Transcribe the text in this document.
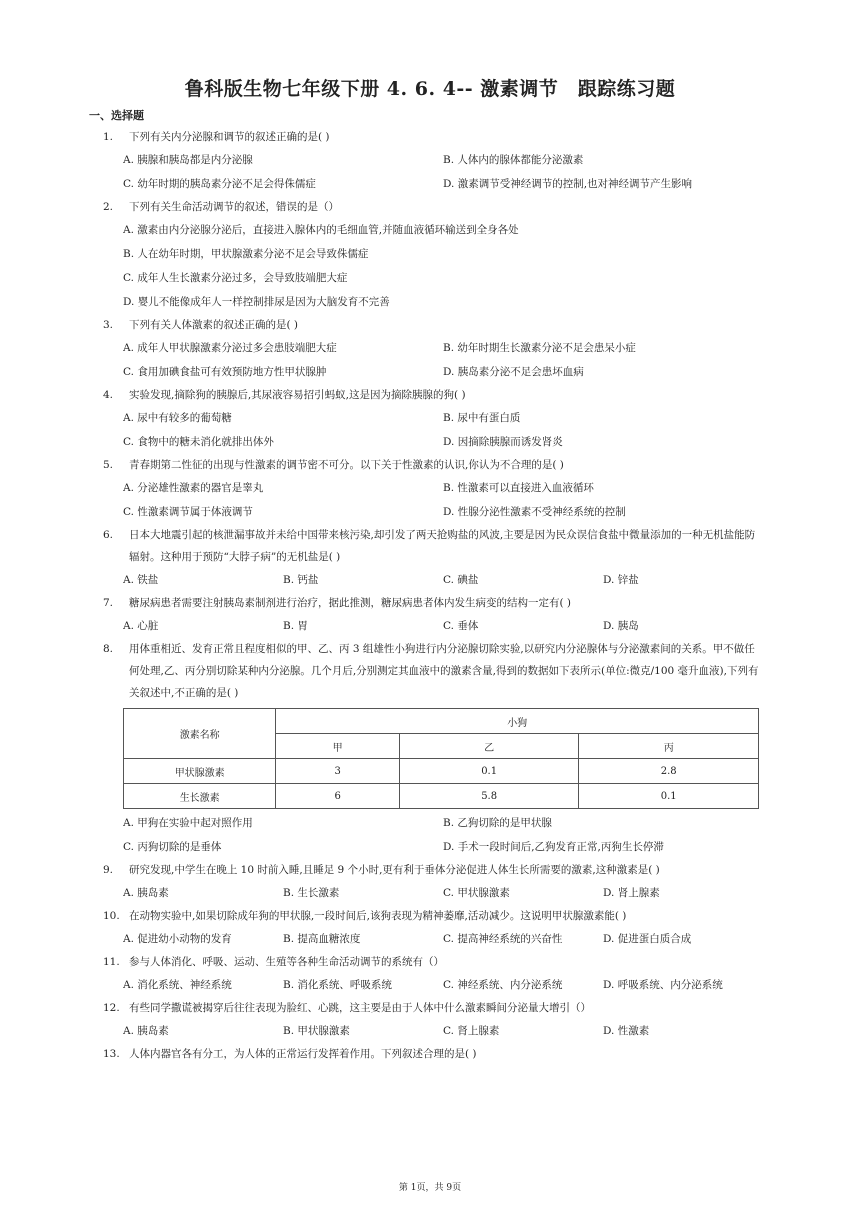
鲁科版生物七年级下册 4. 6. 4-- 激素调节　跟踪练习题
一、选择题
1. 下列有关内分泌腺和调节的叙述正确的是( )
A. 胰腺和胰岛都是内分泌腺	B. 人体内的腺体都能分泌激素
C. 幼年时期的胰岛素分泌不足会得侏儒症	D. 激素调节受神经调节的控制,也对神经调节产生影响
2. 下列有关生命活动调节的叙述，错误的是（）
A. 激素由内分泌腺分泌后，直接进入腺体内的毛细血管,并随血液循环输送到全身各处
B. 人在幼年时期，甲状腺激素分泌不足会导致侏儒症
C. 成年人生长激素分泌过多，会导致肢端肥大症
D. 婴儿不能像成年人一样控制排尿是因为大脑发育不完善
3. 下列有关人体激素的叙述正确的是( )
A. 成年人甲状腺激素分泌过多会患肢端肥大症	B. 幼年时期生长激素分泌不足会患呆小症
C. 食用加碘食盐可有效预防地方性甲状腺肿	D. 胰岛素分泌不足会患坏血病
4. 实验发现,摘除狗的胰腺后,其尿液容易招引蚂蚁,这是因为摘除胰腺的狗( )
A. 尿中有较多的葡萄糖	B. 尿中有蛋白质
C. 食物中的糖未消化就排出体外	D. 因摘除胰腺而诱发肾炎
5. 青春期第二性征的出现与性激素的调节密不可分。以下关于性激素的认识,你认为不合理的是( )
A. 分泌雄性激素的器官是睾丸	B. 性激素可以直接进入血液循环
C. 性激素调节属于体液调节	D. 性腺分泌性激素不受神经系统的控制
6. 日本大地震引起的核泄漏事故并未给中国带来核污染,却引发了两天抢购盐的风波,主要是因为民众误信食盐中微量添加的一种无机盐能防辐射。这种用于预防“大脖子病”的无机盐是( )
A. 铁盐	B. 钙盐	C. 碘盐	D. 锌盐
7. 糖尿病患者需要注射胰岛素制剂进行治疗，据此推测，糖尿病患者体内发生病变的结构一定有( )
A. 心脏	B. 胃	C. 垂体	D. 胰岛
8. 用体重相近、发育正常且程度相似的甲、乙、丙 3 组雄性小狗进行内分泌腺切除实验,以研究内分泌腺体与分泌激素间的关系。甲不做任何处理,乙、丙分别切除某种内分泌腺。几个月后,分别测定其血液中的激素含量,得到的数据如下表所示(单位:微克/100 毫升血液),下列有关叙述中,不正确的是( )
激素名称	小狗		
	甲	乙	丙
甲状腺激素	3	0.1	2.8
生长激素	6	5.8	0.1
A. 甲狗在实验中起对照作用	B. 乙狗切除的是甲状腺
C. 丙狗切除的是垂体	D. 手术一段时间后,乙狗发育正常,丙狗生长停滞
9. 研究发现,中学生在晚上 10 时前入睡,且睡足 9 个小时,更有利于垂体分泌促进人体生长所需要的激素,这种激素是( )
A. 胰岛素	B. 生长激素	C. 甲状腺激素	D. 肾上腺素
10. 在动物实验中,如果切除成年狗的甲状腺,一段时间后,该狗表现为精神萎靡,活动减少。这说明甲状腺激素能( )
A. 促进幼小动物的发育	B. 提高血糖浓度	C. 提高神经系统的兴奋性	D. 促进蛋白质合成
11. 参与人体消化、呼吸、运动、生殖等各种生命活动调节的系统有（）
A. 消化系统、神经系统	B. 消化系统、呼吸系统	C. 神经系统、内分泌系统	D. 呼吸系统、内分泌系统
12. 有些同学撒谎被揭穿后往往表现为脸红、心跳，这主要是由于人体中什么激素瞬间分泌量大增引（）
A. 胰岛素	B. 甲状腺激素	C. 肾上腺素	D. 性激素
13. 人体内器官各有分工，为人体的正常运行发挥着作用。下列叙述合理的是( )
第 1页，共 9页
